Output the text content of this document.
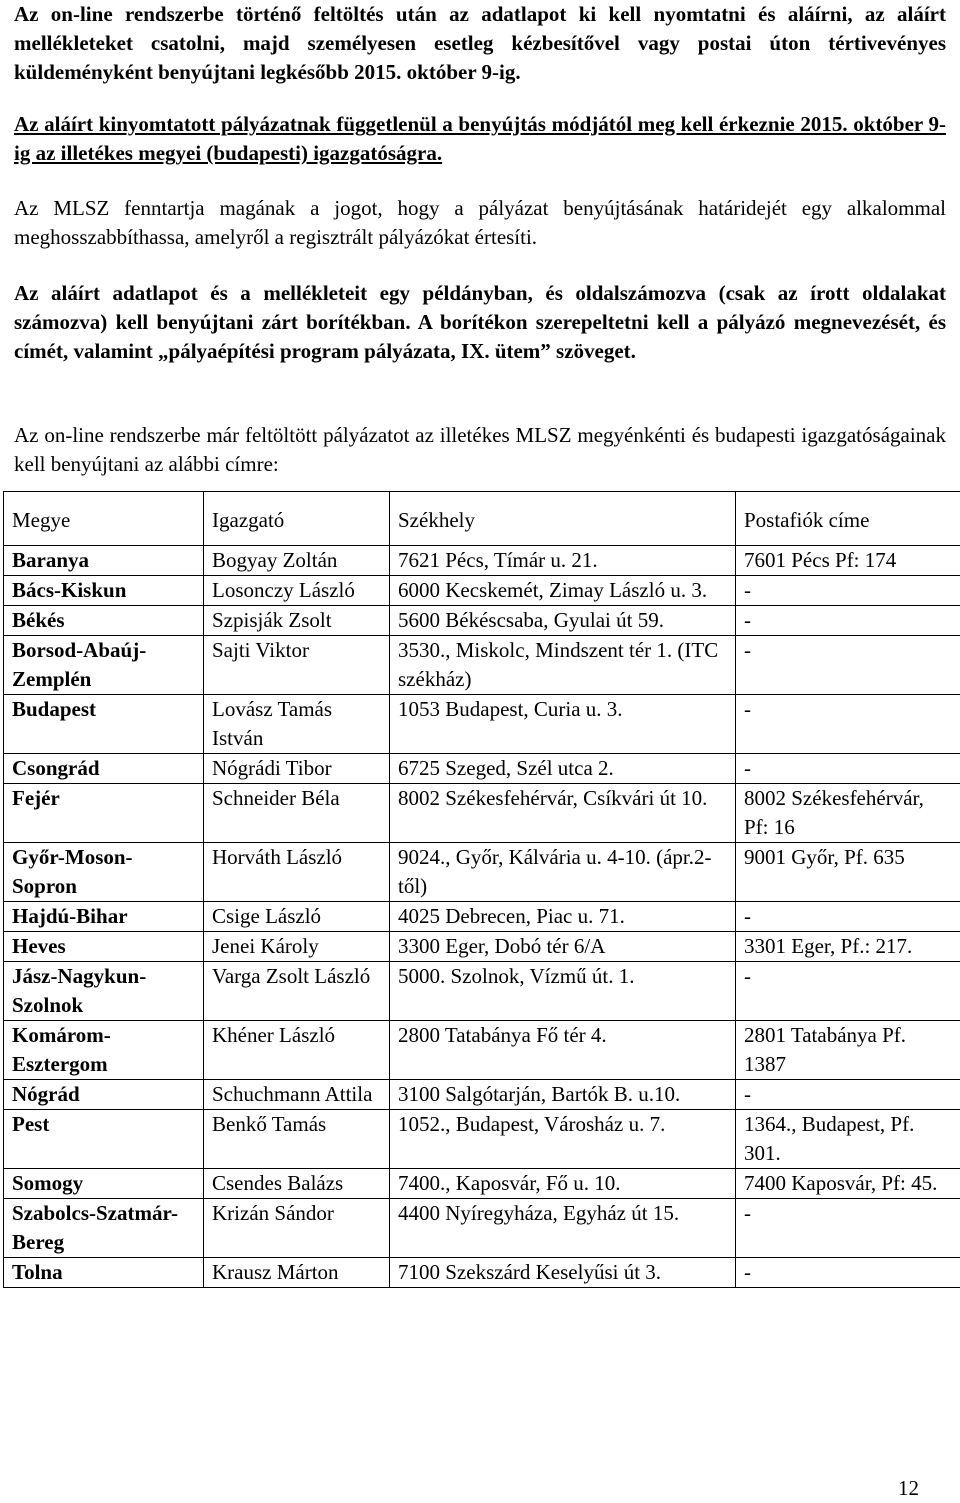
Az on-line rendszerbe történő feltöltés után az adatlapot ki kell nyomtatni és aláírni, az aláírt mellékleteket csatolni, majd személyesen esetleg kézbesítővel vagy postai úton tértivevényes küldeményként benyújtani legkésőbb 2015. október 9-ig.

Az aláírt kinyomtatott pályázatnak függetlenül a benyújtás módjától meg kell érkeznie 2015. október 9-ig az illetékes megyei (budapesti) igazgatóságra.

Az MLSZ fenntartja magának a jogot, hogy a pályázat benyújtásának határidejét egy alkalommal meghosszabbíthassa, amelyről a regisztrált pályázókat értesíti.

Az aláírt adatlapot és a mellékleteit egy példányban, és oldalszámozva (csak az írott oldalakat számozva) kell benyújtani zárt borítékban. A borítékon szerepeltetni kell a pályázó megnevezését, és címét, valamint „pályaépítési program pályázata, IX. ütem” szöveget.

Az on-line rendszerbe már feltöltött pályázatot az illetékes MLSZ megyénkénti és budapesti igazgatóságainak kell benyújtani az alábbi címre:

Megye	Igazgató	Székhely	Postafiók címe
Baranya	Bogyay Zoltán	7621 Pécs, Tímár u. 21.	7601 Pécs Pf: 174
Bács-Kiskun	Losonczy László	6000 Kecskemét, Zimay László u. 3.	-
Békés	Szpisják Zsolt	5600 Békéscsaba, Gyulai út 59.	-
Borsod-Abaúj-Zemplén	Sajti Viktor	3530., Miskolc, Mindszent tér 1. (ITC székház)	-
Budapest	Lovász Tamás István	1053 Budapest, Curia u. 3.	-
Csongrád	Nógrádi Tibor	6725 Szeged, Szél utca 2.	-
Fejér	Schneider Béla	8002 Székesfehérvár, Csíkvári út 10.	8002 Székesfehérvár, Pf: 16
Győr-Moson-Sopron	Horváth László	9024., Győr, Kálvária u. 4-10. (ápr.2-től)	9001 Győr, Pf. 635
Hajdú-Bihar	Csige László	4025 Debrecen, Piac u. 71.	-
Heves	Jenei Károly	3300 Eger, Dobó tér 6/A	3301 Eger, Pf.: 217.
Jász-Nagykun-Szolnok	Varga Zsolt László	5000. Szolnok, Vízmű út. 1.	-
Komárom-Esztergom	Khéner László	2800 Tatabánya Fő tér 4.	2801 Tatabánya Pf. 1387
Nógrád	Schuchmann Attila	3100 Salgótarján, Bartók B. u.10.	-
Pest	Benkő Tamás	1052., Budapest, Városház u. 7.	1364., Budapest, Pf. 301.
Somogy	Csendes Balázs	7400., Kaposvár, Fő u. 10.	7400 Kaposvár, Pf: 45.
Szabolcs-Szatmár-Bereg	Krizán Sándor	4400 Nyíregyháza, Egyház út 15.	-
Tolna	Krausz Márton	7100 Szekszárd Keselyűsi út 3.	-
12
